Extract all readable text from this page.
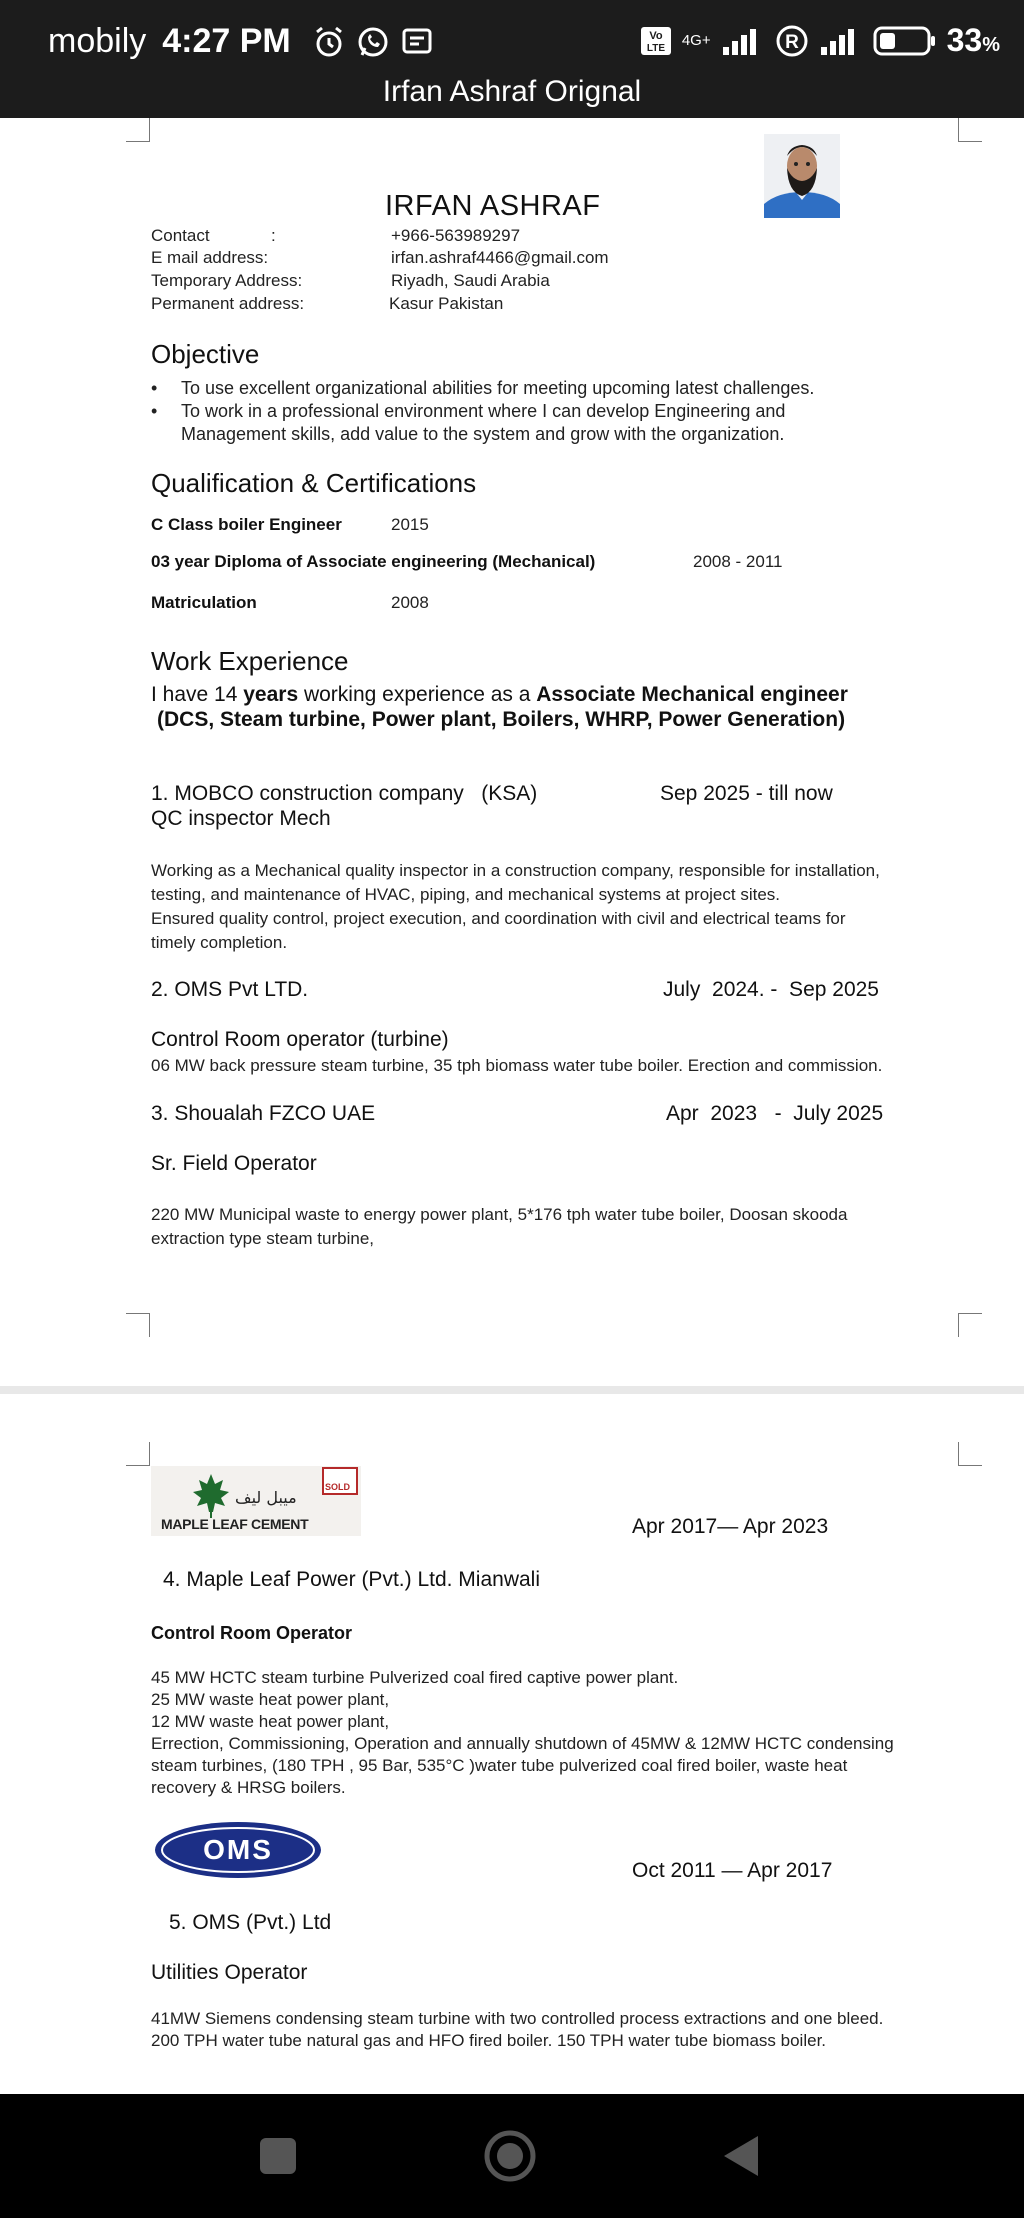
mobily 4:27 PM	Vo
LTE 4G+	R	33%
Irfan Ashraf Orignal
IRFAN ASHRAF
Contact	:	+966-563989297
E mail address:	irfan.ashraf4466@gmail.com
Temporary Address:	Riyadh, Saudi Arabia
Permanent address:	Kasur Pakistan
Objective
• To use excellent organizational abilities for meeting upcoming latest challenges.
• To work in a professional environment where I can develop Engineering and
Management skills, add value to the system and grow with the organization.
Qualification & Certifications
C Class boiler Engineer	2015
03 year Diploma of Associate engineering (Mechanical)	2008 - 2011
Matriculation	2008
Work Experience
I have 14 years working experience as a Associate Mechanical engineer
(DCS, Steam turbine, Power plant, Boilers, WHRP, Power Generation)
1. MOBCO construction company   (KSA)	Sep 2025 - till now
QC inspector Mech
Working as a Mechanical quality inspector in a construction company, responsible for installation,
testing, and maintenance of HVAC, piping, and mechanical systems at project sites.
Ensured quality control, project execution, and coordination with civil and electrical teams for
timely completion.
2. OMS Pvt LTD.	July  2024. -  Sep 2025
Control Room operator (turbine)
06 MW back pressure steam turbine, 35 tph biomass water tube boiler. Erection and commission.
3. Shoualah FZCO UAE	Apr  2023   -  July 2025
Sr. Field Operator
220 MW Municipal waste to energy power plant, 5*176 tph water tube boiler, Doosan skooda
extraction type steam turbine,
SOLD
ميبل ليف
MAPLE LEAF CEMENT	Apr 2017— Apr 2023
4. Maple Leaf Power (Pvt.) Ltd. Mianwali
Control Room Operator
45 MW HCTC steam turbine Pulverized coal fired captive power plant.
25 MW waste heat power plant,
12 MW waste heat power plant,
Errection, Commissioning, Operation and annually shutdown of 45MW & 12MW HCTC condensing
steam turbines, (180 TPH , 95 Bar, 535°C )water tube pulverized coal fired boiler, waste heat
recovery & HRSG boilers.
OMS
Oct 2011 — Apr 2017
5. OMS (Pvt.) Ltd
Utilities Operator
41MW Siemens condensing steam turbine with two controlled process extractions and one bleed.
200 TPH water tube natural gas and HFO fired boiler. 150 TPH water tube biomass boiler.
